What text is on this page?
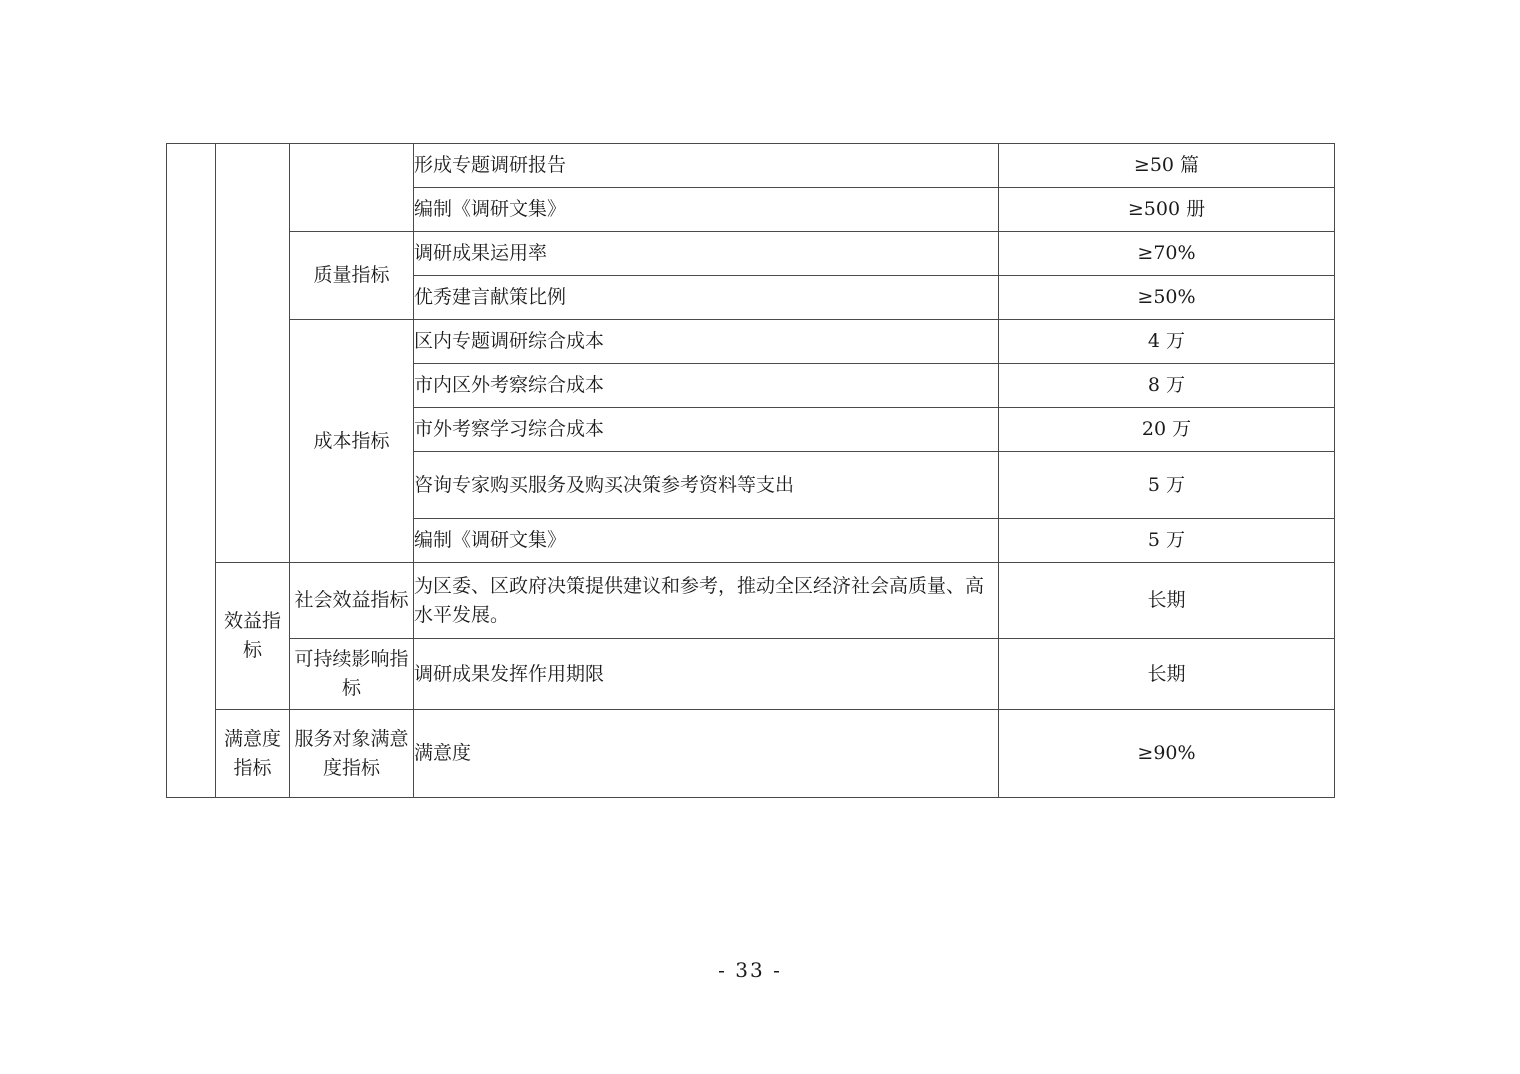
			形成专题调研报告	≥50 篇
			编制《调研文集》	≥500 册
		质量指标	调研成果运用率	≥70%
			优秀建言献策比例	≥50%
		成本指标	区内专题调研综合成本	4 万
			市内区外考察综合成本	8 万
			市外考察学习综合成本	20 万
			咨询专家购买服务及购买决策参考资料等支出	5 万
			编制《调研文集》	5 万
	效益指标	社会效益指标	为区委、区政府决策提供建议和参考，推动全区经济社会高质量、高水平发展。	长期
		可持续影响指标	调研成果发挥作用期限	长期
	满意度指标	服务对象满意度指标	满意度	≥90%
- 33 -
